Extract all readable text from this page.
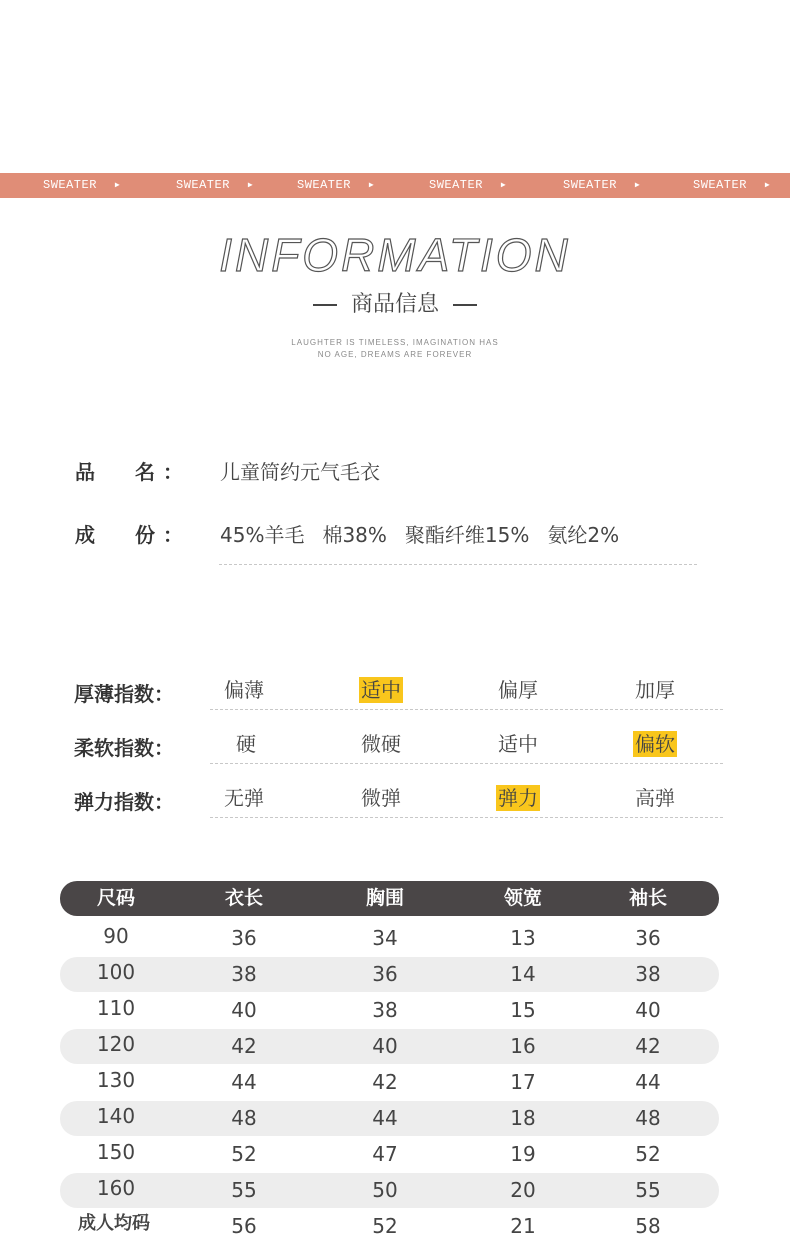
SWEATER ▶	SWEATER ▶	SWEATER ▶	SWEATER ▶	SWEATER ▶	SWEATER ▶
INFORMATION
商品信息
LAUGHTER IS TIMELESS, IMAGINATION HAS
NO AGE, DREAMS ARE FOREVER
品 名 ： 儿童简约元气毛衣
成 份 ： 45%羊毛 棉38% 聚酯纤维15% 氨纶2%
厚薄指数：	偏薄	适中	偏厚	加厚
柔软指数：	硬	微硬	适中	偏软
弹力指数：	无弹	微弹	弹力	高弹
尺码	衣长	胸围	领宽	袖长
90	36	34	13	36
100	38	36	14	38
110	40	38	15	40
120	42	40	16	42
130	44	42	17	44
140	48	44	18	48
150	52	47	19	52
160	55	50	20	55
成人均码	56	52	21	58
